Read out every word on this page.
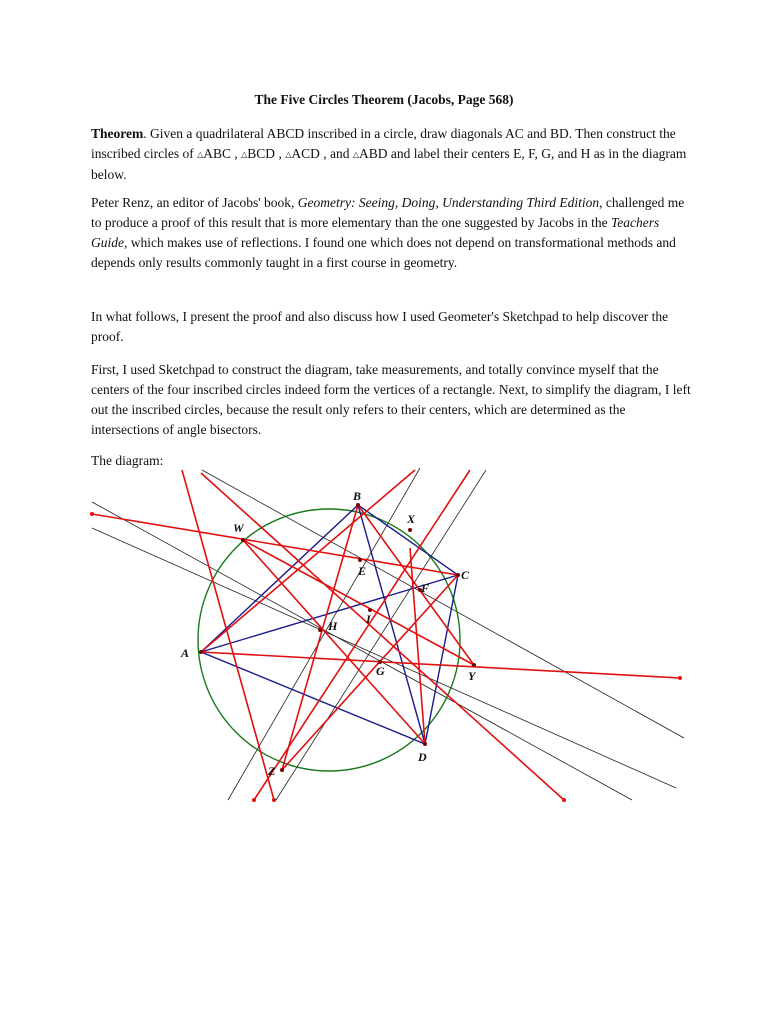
The Five Circles Theorem (Jacobs, Page 568)

Theorem. Given a quadrilateral ABCD inscribed in a circle, draw diagonals AC and BD. Then construct the inscribed circles of △ABC , △BCD , △ACD , and △ABD and label their centers E, F, G, and H as in the diagram below.

Peter Renz, an editor of Jacobs' book, Geometry: Seeing, Doing, Understanding Third Edition, challenged me to produce a proof of this result that is more elementary than the one suggested by Jacobs in the Teachers Guide, which makes use of reflections. I found one which does not depend on transformational methods and depends only results commonly taught in a first course in geometry.

In what follows, I present the proof and also discuss how I used Geometer's Sketchpad to help discover the proof.

First, I used Sketchpad to construct the diagram, take measurements, and totally convince myself that the centers of the four inscribed circles indeed form the vertices of a rectangle. Next, to simplify the diagram, I left out the inscribed circles, because the result only refers to their centers, which are determined as the intersections of angle bisectors.

The diagram:

A
B
C
D
E
F
G
H I
W
X
Y
Z
